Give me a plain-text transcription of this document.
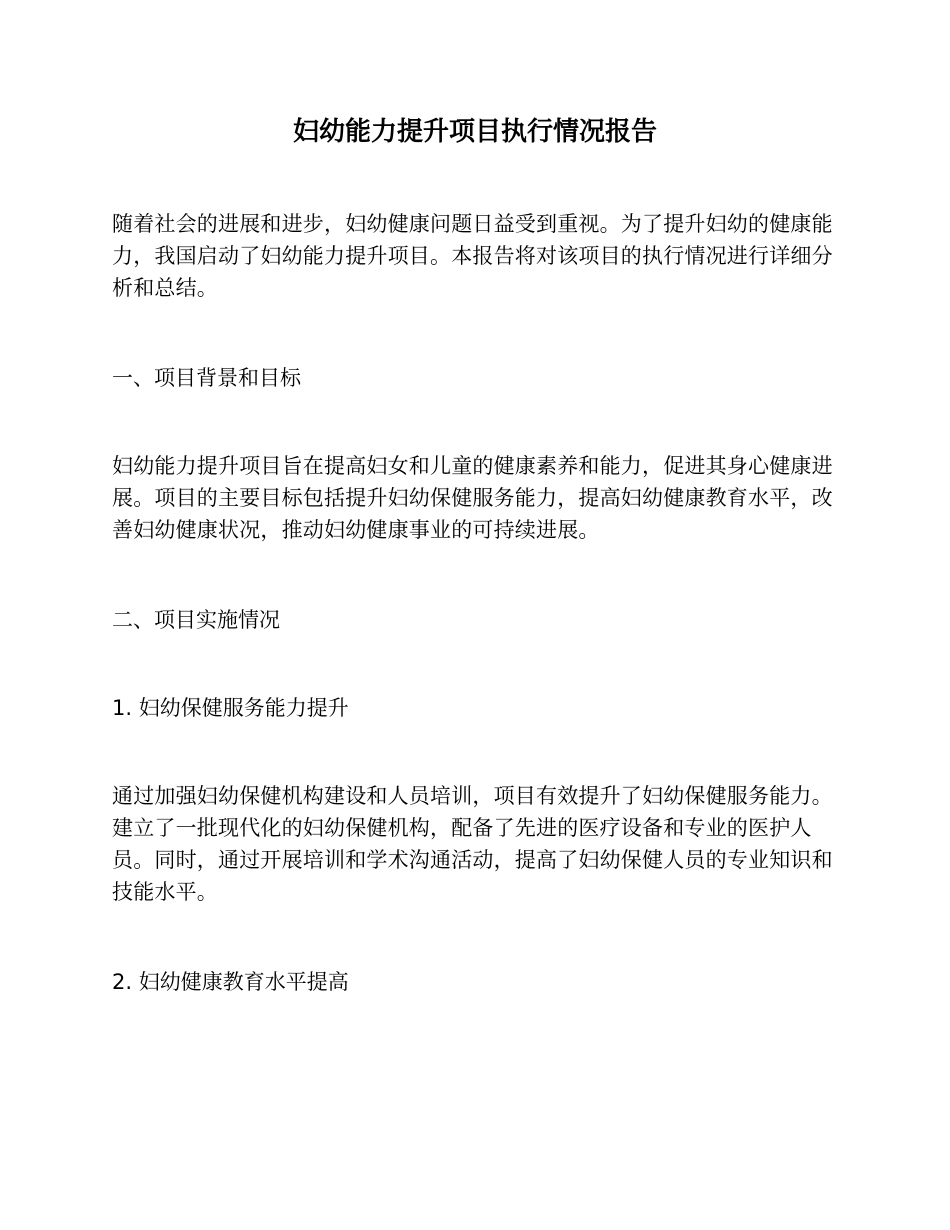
妇幼能力提升项目执行情况报告

随着社会的进展和进步，妇幼健康问题日益受到重视。为了提升妇幼的健康能力，我国启动了妇幼能力提升项目。本报告将对该项目的执行情况进行详细分析和总结。

一、项目背景和目标

妇幼能力提升项目旨在提高妇女和儿童的健康素养和能力，促进其身心健康进展。项目的主要目标包括提升妇幼保健服务能力，提高妇幼健康教育水平，改善妇幼健康状况，推动妇幼健康事业的可持续进展。

二、项目实施情况

1. 妇幼保健服务能力提升

通过加强妇幼保健机构建设和人员培训，项目有效提升了妇幼保健服务能力。建立了一批现代化的妇幼保健机构，配备了先进的医疗设备和专业的医护人员。同时，通过开展培训和学术沟通活动，提高了妇幼保健人员的专业知识和技能水平。

2. 妇幼健康教育水平提高
